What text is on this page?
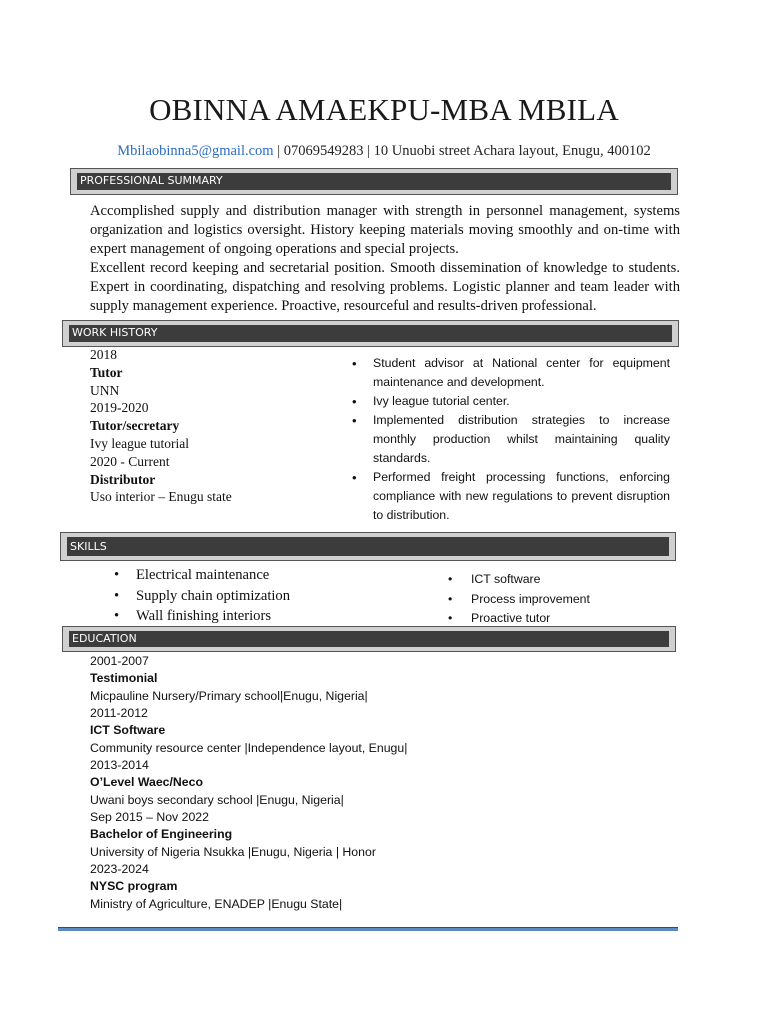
OBINNA AMAEKPU-MBA MBILA
Mbilaobinna5@gmail.com | 07069549283 | 10 Unuobi street Achara layout, Enugu, 400102
PROFESSIONAL SUMMARY

Accomplished supply and distribution manager with strength in personnel management, systems organization and logistics oversight. History keeping materials moving smoothly and on-time with expert management of ongoing operations and special projects.

Excellent record keeping and secretarial position. Smooth dissemination of knowledge to students. Expert in coordinating, dispatching and resolving problems. Logistic planner and team leader with supply management experience. Proactive, resourceful and results-driven professional.

WORK HISTORY
2018
Tutor
UNN
2019-2020
Tutor/secretary
Ivy league tutorial
2020 - Current
Distributor
Uso interior – Enugu state
• Student advisor at National center for equipment maintenance and development.
• Ivy league tutorial center.
• Implemented distribution strategies to increase monthly production whilst maintaining quality standards.
• Performed freight processing functions, enforcing compliance with new regulations to prevent disruption to distribution.
SKILLS
• Electrical maintenance
• Supply chain optimization
• Wall finishing interiors
• ICT software
• Process improvement
• Proactive tutor
EDUCATION
2001-2007
Testimonial
Micpauline Nursery/Primary school|Enugu, Nigeria|
2011-2012
ICT Software
Community resource center |Independence layout, Enugu|
2013-2014
O’Level Waec/Neco
Uwani boys secondary school |Enugu, Nigeria|
Sep 2015 – Nov 2022
Bachelor of Engineering
University of Nigeria Nsukka |Enugu, Nigeria | Honor
2023-2024
NYSC program
Ministry of Agriculture, ENADEP |Enugu State|
